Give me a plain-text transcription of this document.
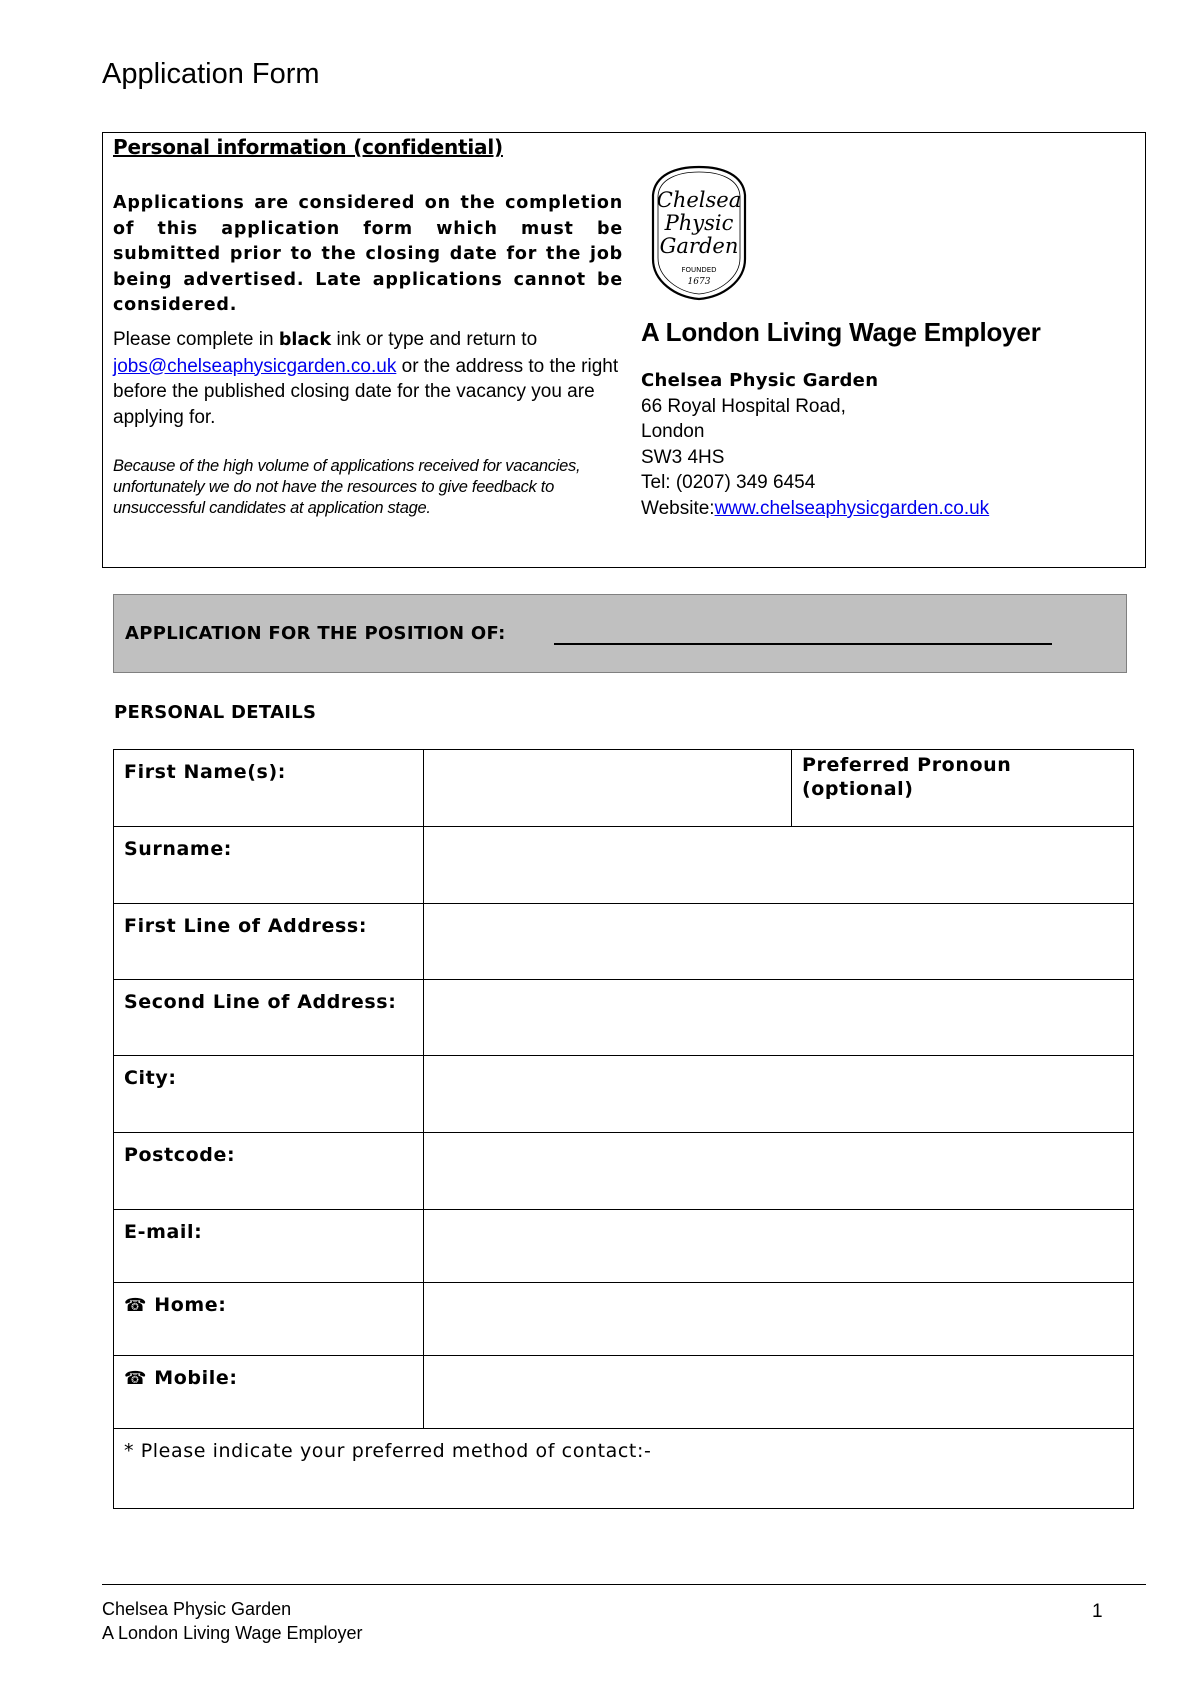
Application Form
Personal information (confidential)
Applications are considered on the completion of this application form which must be submitted prior to the closing date for the job being advertised. Late applications cannot be considered.
Please complete in black ink or type and return to jobs@chelseaphysicgarden.co.uk or the address to the right before the published closing date for the vacancy you are applying for.
Because of the high volume of applications received for vacancies, unfortunately we do not have the resources to give feedback to unsuccessful candidates at application stage.
Chelsea
Physic
Garden
FOUNDED
1673
A London Living Wage Employer
Chelsea Physic Garden
66 Royal Hospital Road,
London
SW3 4HS
Tel: (0207) 349 6454
Website:www.chelseaphysicgarden.co.uk
APPLICATION FOR THE POSITION OF:
PERSONAL DETAILS
First Name(s):		Preferred Pronoun (optional)
Surname:		
First Line of Address:		
Second Line of Address:		
City:		
Postcode:		
E-mail:		
☎ Home:		
☎ Mobile:		
* Please indicate your preferred method of contact:-		
Chelsea Physic Garden
A London Living Wage Employer
1
